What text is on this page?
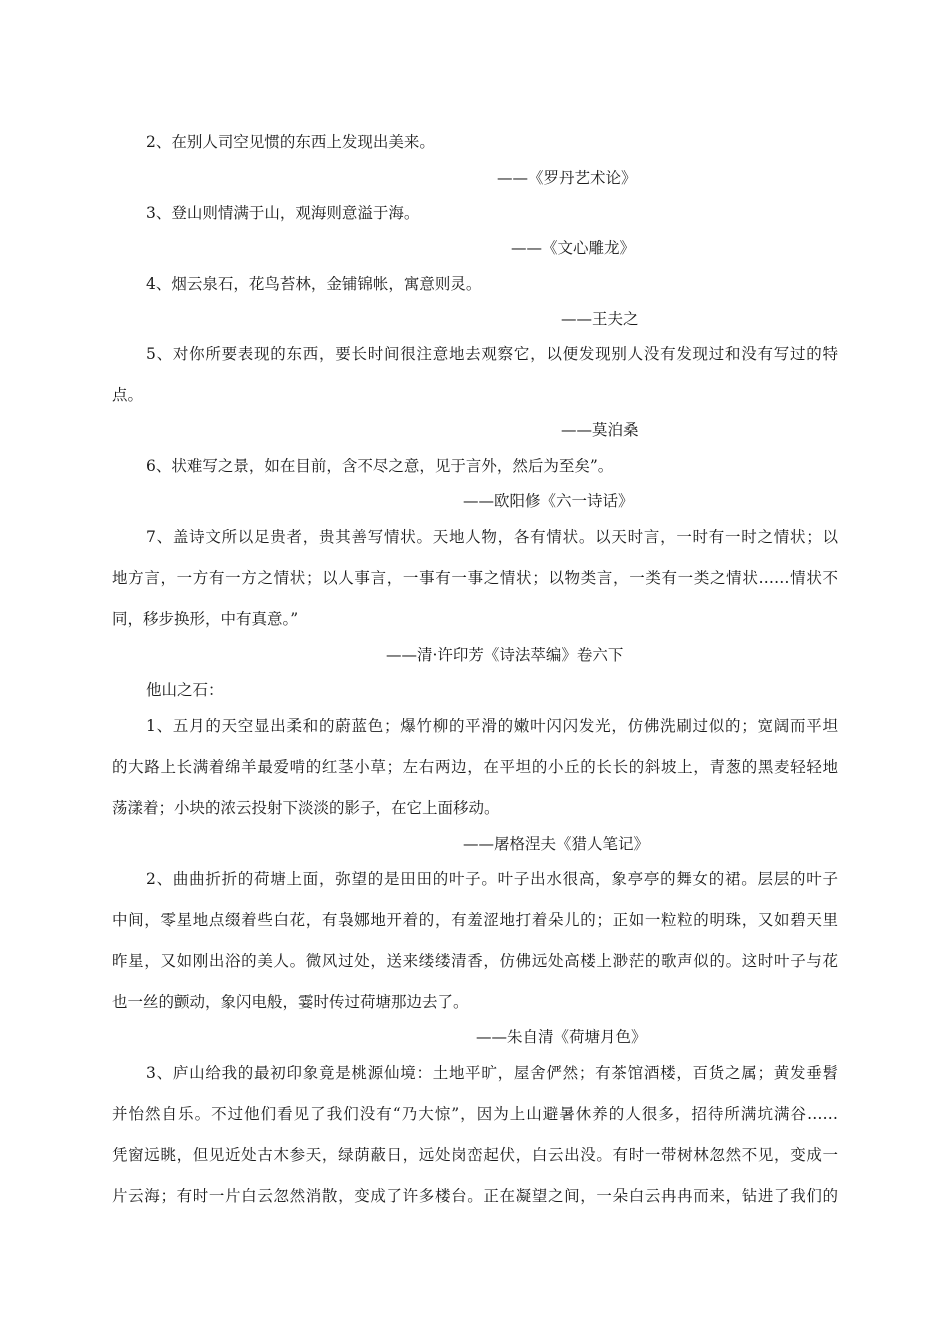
2、在别人司空见惯的东西上发现出美来。
——《罗丹艺术论》
3、登山则情满于山，观海则意溢于海。
——《文心雕龙》
4、烟云泉石，花鸟苔林，金铺锦帐，寓意则灵。
——王夫之
5、对你所要表现的东西，要长时间很注意地去观察它，以便发现别人没有发现过和没有写过的特
点。
——莫泊桑
6、状难写之景，如在目前，含不尽之意，见于言外，然后为至矣”。
——欧阳修《六一诗话》
7、盖诗文所以足贵者，贵其善写情状。天地人物，各有情状。以天时言，一时有一时之情状；以
地方言，一方有一方之情状；以人事言，一事有一事之情状；以物类言，一类有一类之情状……情状不
同，移步换形，中有真意。”
——清·许印芳《诗法萃编》卷六下
他山之石：
1、五月的天空显出柔和的蔚蓝色；爆竹柳的平滑的嫩叶闪闪发光，仿佛洗刷过似的；宽阔而平坦
的大路上长满着绵羊最爱啃的红茎小草；左右两边，在平坦的小丘的长长的斜坡上，青葱的黑麦轻轻地
荡漾着；小块的浓云投射下淡淡的影子，在它上面移动。
——屠格涅夫《猎人笔记》
2、曲曲折折的荷塘上面，弥望的是田田的叶子。叶子出水很高，象亭亭的舞女的裙。层层的叶子
中间，零星地点缀着些白花，有袅娜地开着的，有羞涩地打着朵儿的；正如一粒粒的明珠，又如碧天里
昨星，又如刚出浴的美人。微风过处，送来缕缕清香，仿佛远处高楼上渺茫的歌声似的。这时叶子与花
也一丝的颤动，象闪电般，霎时传过荷塘那边去了。
——朱自清《荷塘月色》
3、庐山给我的最初印象竟是桃源仙境：土地平旷，屋舍俨然；有茶馆酒楼，百货之属；黄发垂髫
并怡然自乐。不过他们看见了我们没有“乃大惊”，因为上山避暑休养的人很多，招待所满坑满谷……
凭窗远眺，但见近处古木参天，绿荫蔽日，远处岗峦起伏，白云出没。有时一带树林忽然不见，变成一
片云海；有时一片白云忽然消散，变成了许多楼台。正在凝望之间，一朵白云冉冉而来，钻进了我们的
